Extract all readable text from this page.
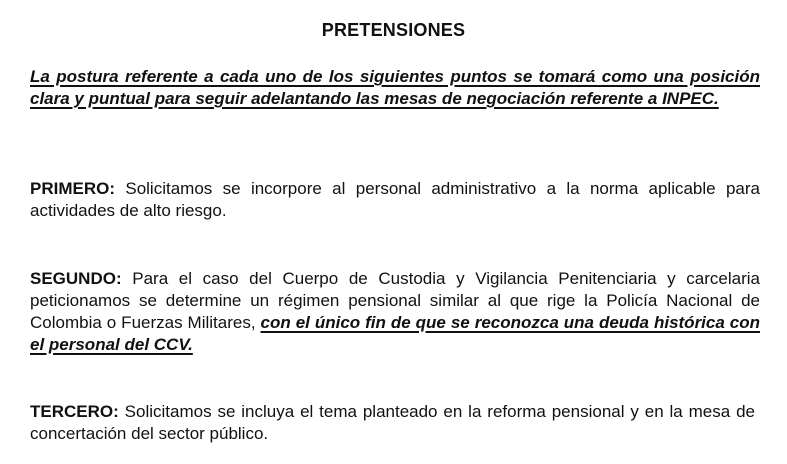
PRETENSIONES
La postura referente a cada uno de los siguientes puntos se tomará como una posición clara y puntual para seguir adelantando las mesas de negociación referente a INPEC.
PRIMERO: Solicitamos se incorpore al personal administrativo a la norma aplicable para actividades de alto riesgo.
SEGUNDO: Para el caso del Cuerpo de Custodia y Vigilancia Penitenciaria y carcelaria peticionamos se determine un régimen pensional similar al que rige la Policía Nacional de Colombia o Fuerzas Militares, con el único fin de que se reconozca una deuda histórica con el personal del CCV.
TERCERO: Solicitamos se incluya el tema planteado en la reforma pensional y en la mesa de concertación del sector público.
